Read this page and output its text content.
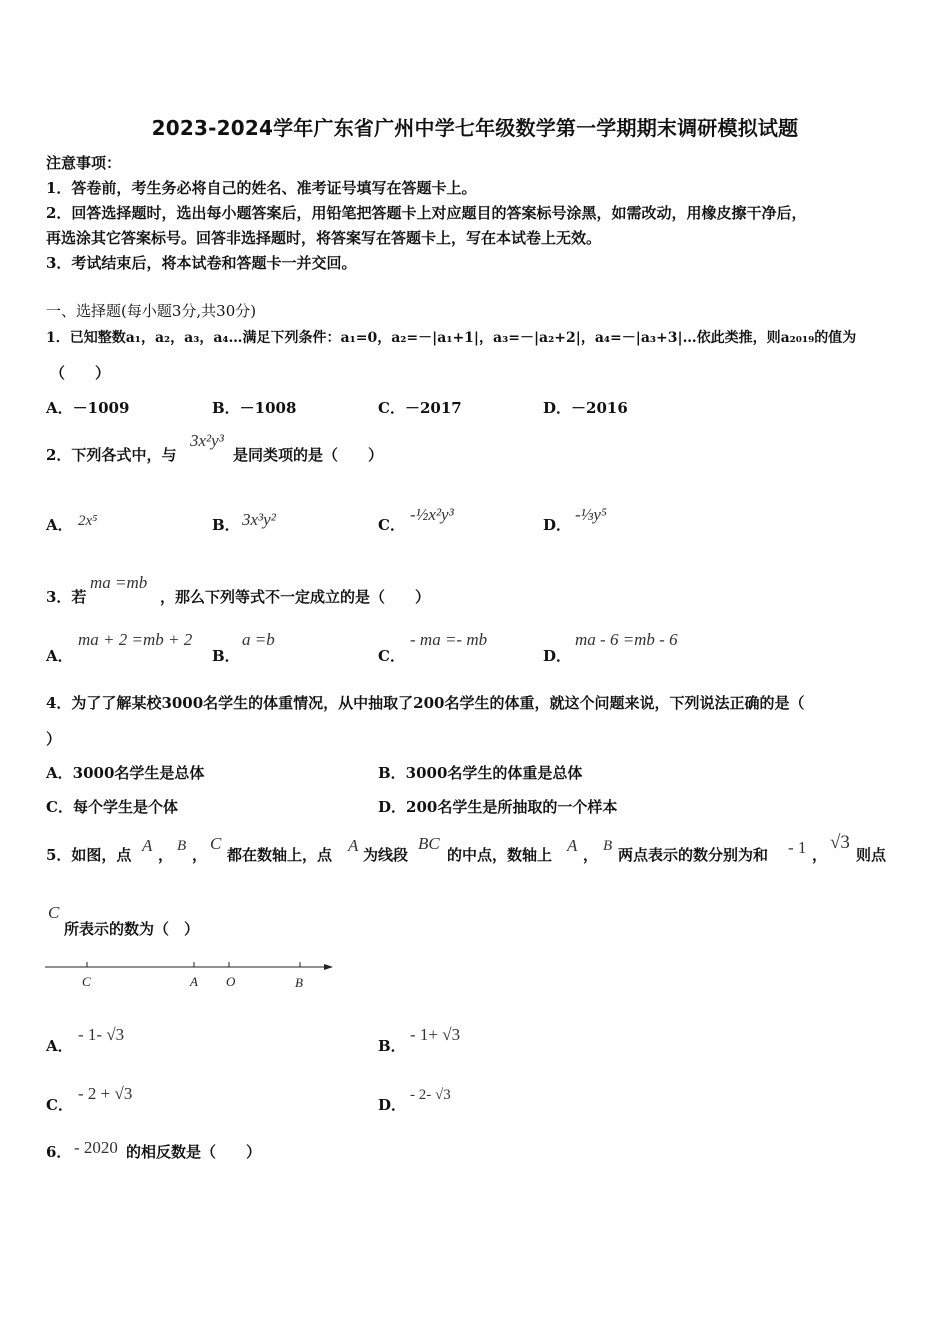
2023-2024学年广东省广州中学七年级数学第一学期期末调研模拟试题
注意事项：
1．答卷前，考生务必将自己的姓名、准考证号填写在答题卡上。
2．回答选择题时，选出每小题答案后，用铅笔把答题卡上对应题目的答案标号涂黑，如需改动，用橡皮擦干净后，
再选涂其它答案标号。回答非选择题时，将答案写在答题卡上，写在本试卷上无效。
3．考试结束后，将本试卷和答题卡一并交回。
一、选择题(每小题3分,共30分)
1．已知整数a₁，a₂，a₃，a₄…满足下列条件：a₁=0，a₂=－|a₁+1|，a₃=－|a₂+2|，a₄=－|a₃+3|…依此类推，则a₂₀₁₉的值为
（　　）
A．－1009	B．－1008	C．－2017	D．－2016
2．下列各式中，与
3x²y³
是同类项的是（　　）
A． 2x⁵	B． 3x³y²	C．
-½x²y³
D．
-⅓y⁵
3．若
ma =mb
，那么下列等式不一定成立的是（　　）
A．
ma + 2 =mb + 2
B．
a =b
C．
- ma =- mb
D．
ma - 6 =mb - 6
4．为了了解某校3000名学生的体重情况，从中抽取了200名学生的体重，就这个问题来说，下列说法正确的是（
）
A．3000名学生是总体	B．3000名学生的体重是总体
C．每个学生是个体	D．200名学生是所抽取的一个样本
5．如图，点 A ， B ，
C
都在数轴上，点 A 为线段
BC
的中点，数轴上 A ， B 两点表示的数分别为和 - 1 ，
√3
则点
C
所表示的数为（　）
C	A O	B
A．
- 1- √3
B．
- 1+ √3
C．
- 2 + √3
D．
- 2- √3
6． - 2020 的相反数是（　　）
